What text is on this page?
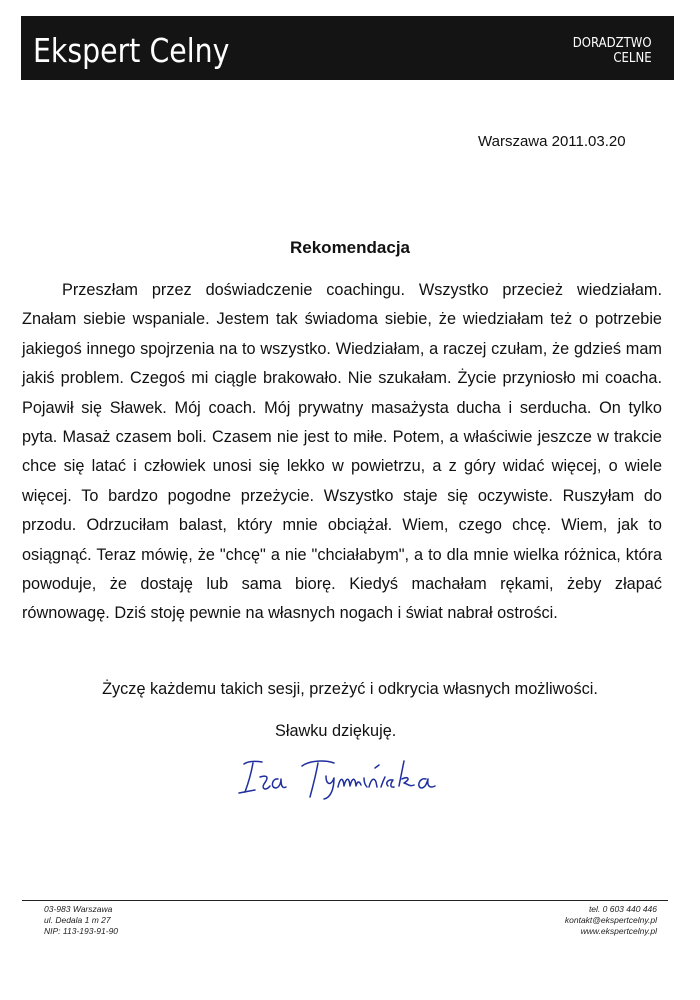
Ekspert Celny	DORADZTWO
CELNE
Warszawa 2011.03.20
Rekomendacja
Przeszłam przez doświadczenie coachingu. Wszystko przecież wiedziałam. Znałam siebie wspaniale. Jestem tak świadoma siebie, że wiedziałam też o potrzebie jakiegoś innego spojrzenia na to wszystko. Wiedziałam, a raczej czułam, że gdzieś mam jakiś problem. Czegoś mi ciągle brakowało. Nie szukałam. Życie przyniosło mi coacha. Pojawił się Sławek. Mój coach. Mój prywatny masażysta ducha i serducha. On tylko pyta. Masaż czasem boli. Czasem nie jest to miłe. Potem, a właściwie jeszcze w trakcie chce się latać i człowiek unosi się lekko w powietrzu, a z góry widać więcej, o wiele więcej. To bardzo pogodne przeżycie. Wszystko staje się oczywiste. Ruszyłam do przodu. Odrzuciłam balast, który mnie obciążał. Wiem, czego chcę. Wiem, jak to osiągnąć. Teraz mówię, że "chcę" a nie "chciałabym", a to dla mnie wielka różnica, która powoduje, że dostaję lub sama biorę. Kiedyś machałam rękami, żeby złapać równowagę. Dziś stoję pewnie na własnych nogach i świat nabrał ostrości.
Życzę każdemu takich sesji, przeżyć i odkrycia własnych możliwości.
Sławku dziękuję.
03-983 Warszawa
ul. Dedala 1 m 27
NIP: 113-193-91-90
tel. 0 603 440 446
kontakt@ekspertcelny.pl
www.ekspertcelny.pl
